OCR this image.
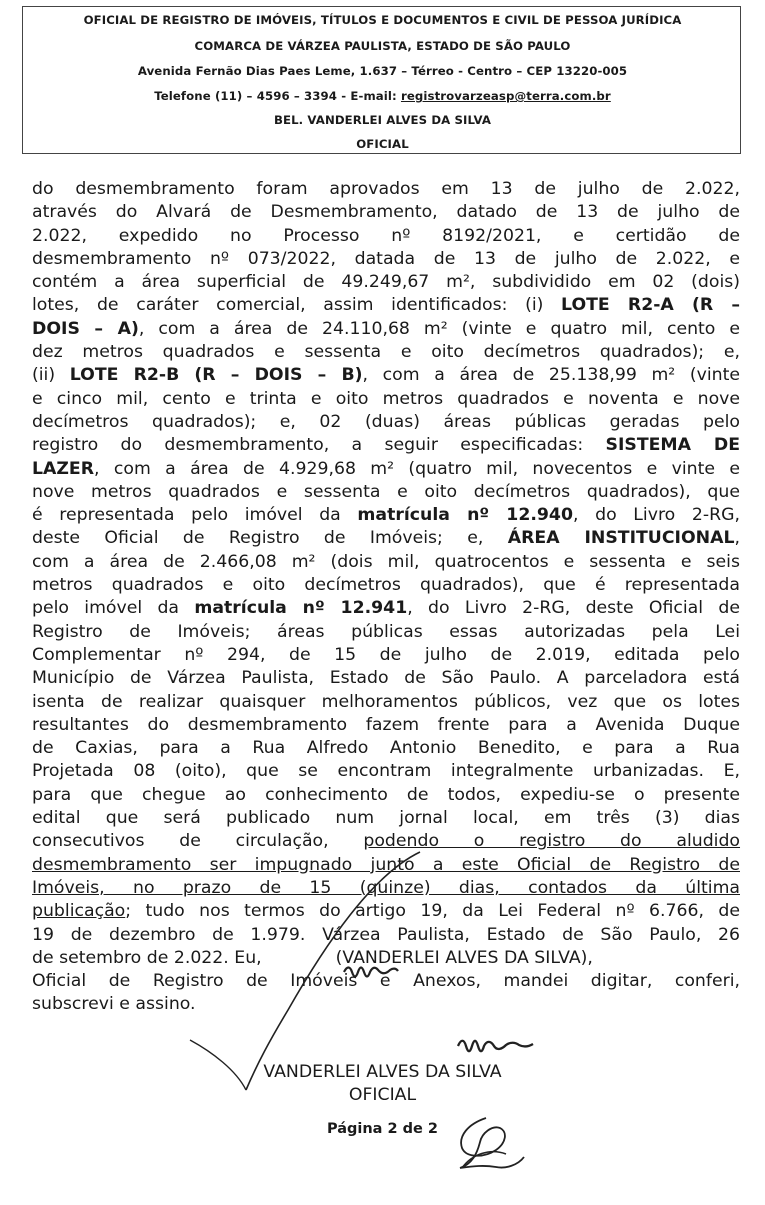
OFICIAL DE REGISTRO DE IMÓVEIS, TÍTULOS E DOCUMENTOS E CIVIL DE PESSOA JURÍDICA
COMARCA DE VÁRZEA PAULISTA, ESTADO DE SÃO PAULO
Avenida Fernão Dias Paes Leme, 1.637 – Térreo - Centro – CEP 13220-005
Telefone (11) – 4596 – 3394 - E-mail: registrovarzeasp@terra.com.br
BEL. VANDERLEI ALVES DA SILVA
OFICIAL
do desmembramento foram aprovados em 13 de julho de 2.022,
através do Alvará de Desmembramento, datado de 13 de julho de
2.022, expedido no Processo nº 8192/2021, e certidão de
desmembramento nº 073/2022, datada de 13 de julho de 2.022, e
contém a área superficial de 49.249,67 m², subdividido em 02 (dois)
lotes, de caráter comercial, assim identificados: (i) LOTE R2-A (R –
DOIS – A), com a área de 24.110,68 m² (vinte e quatro mil, cento e
dez metros quadrados e sessenta e oito decímetros quadrados); e,
(ii) LOTE R2-B (R – DOIS – B), com a área de 25.138,99 m² (vinte
e cinco mil, cento e trinta e oito metros quadrados e noventa e nove
decímetros quadrados); e, 02 (duas) áreas públicas geradas pelo
registro do desmembramento, a seguir especificadas: SISTEMA DE
LAZER, com a área de 4.929,68 m² (quatro mil, novecentos e vinte e
nove metros quadrados e sessenta e oito decímetros quadrados), que
é representada pelo imóvel da matrícula nº 12.940, do Livro 2-RG,
deste Oficial de Registro de Imóveis; e, ÁREA INSTITUCIONAL,
com a área de 2.466,08 m² (dois mil, quatrocentos e sessenta e seis
metros quadrados e oito decímetros quadrados), que é representada
pelo imóvel da matrícula nº 12.941, do Livro 2-RG, deste Oficial de
Registro de Imóveis; áreas públicas essas autorizadas pela Lei
Complementar nº 294, de 15 de julho de 2.019, editada pelo
Município de Várzea Paulista, Estado de São Paulo. A parceladora está
isenta de realizar quaisquer melhoramentos públicos, vez que os lotes
resultantes do desmembramento fazem frente para a Avenida Duque
de Caxias, para a Rua Alfredo Antonio Benedito, e para a Rua
Projetada 08 (oito), que se encontram integralmente urbanizadas. E,
para que chegue ao conhecimento de todos, expediu-se o presente
edital que será publicado num jornal local, em três (3) dias
consecutivos de circulação, podendo o registro do aludido
desmembramento ser impugnado junto a este Oficial de Registro de
Imóveis, no prazo de 15 (quinze) dias, contados da última
publicação; tudo nos termos do artigo 19, da Lei Federal nº 6.766, de
19 de dezembro de 1.979. Várzea Paulista, Estado de São Paulo, 26
de setembro de 2.022. Eu,	(VANDERLEI ALVES DA SILVA),
Oficial de Registro de Imóveis e Anexos, mandei digitar, conferi,
subscrevi e assino.
VANDERLEI ALVES DA SILVA
OFICIAL
Página 2 de 2
